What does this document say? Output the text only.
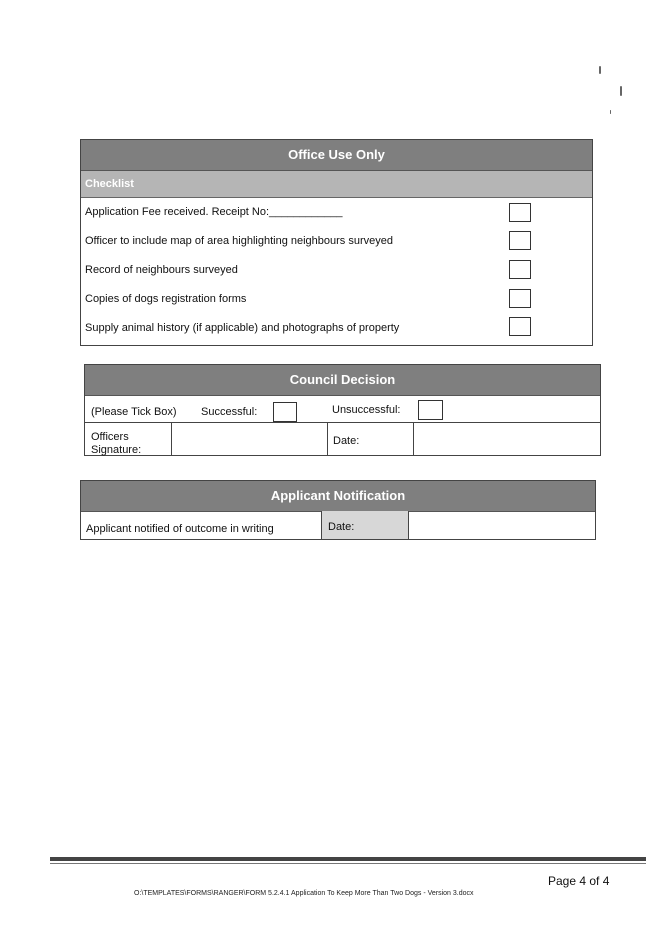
Office Use Only
Checklist
Application Fee received. Receipt No:____________
Officer to include map of area highlighting neighbours surveyed
Record of neighbours surveyed
Copies of dogs registration forms
Supply animal history (if applicable) and photographs of property
Council Decision
(Please Tick Box) Successful:	Unsuccessful:
Officers
Signature:
Date:
Applicant Notification
Applicant notified of outcome in writing	Date:
Page 4 of 4
O:\TEMPLATES\FORMS\RANGER\FORM 5.2.4.1 Application To Keep More Than Two Dogs - Version 3.docx
